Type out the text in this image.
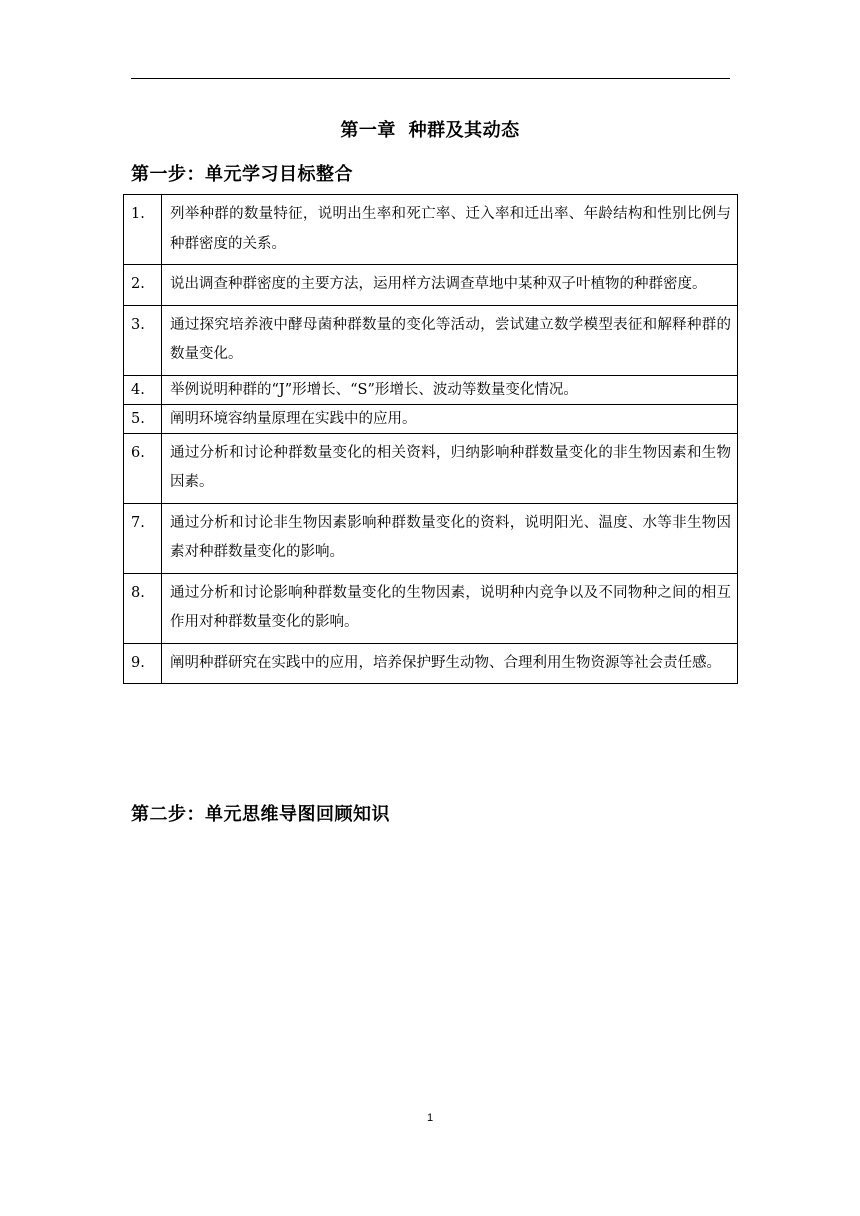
第一章 种群及其动态
第一步：单元学习目标整合
1.	列举种群的数量特征，说明出生率和死亡率、迁入率和迁出率、年龄结构和性别比例与种群密度的关系。
2.	说出调查种群密度的主要方法，运用样方法调查草地中某种双子叶植物的种群密度。
3.	通过探究培养液中酵母菌种群数量的变化等活动，尝试建立数学模型表征和解释种群的数量变化。
4.	举例说明种群的“J”形增长、“S”形增长、波动等数量变化情况。
5.	阐明环境容纳量原理在实践中的应用。
6.	通过分析和讨论种群数量变化的相关资料，归纳影响种群数量变化的非生物因素和生物因素。
7.	通过分析和讨论非生物因素影响种群数量变化的资料，说明阳光、温度、水等非生物因素对种群数量变化的影响。
8.	通过分析和讨论影响种群数量变化的生物因素，说明种内竞争以及不同物种之间的相互作用对种群数量变化的影响。
9.	阐明种群研究在实践中的应用，培养保护野生动物、合理利用生物资源等社会责任感。
第二步：单元思维导图回顾知识
1
